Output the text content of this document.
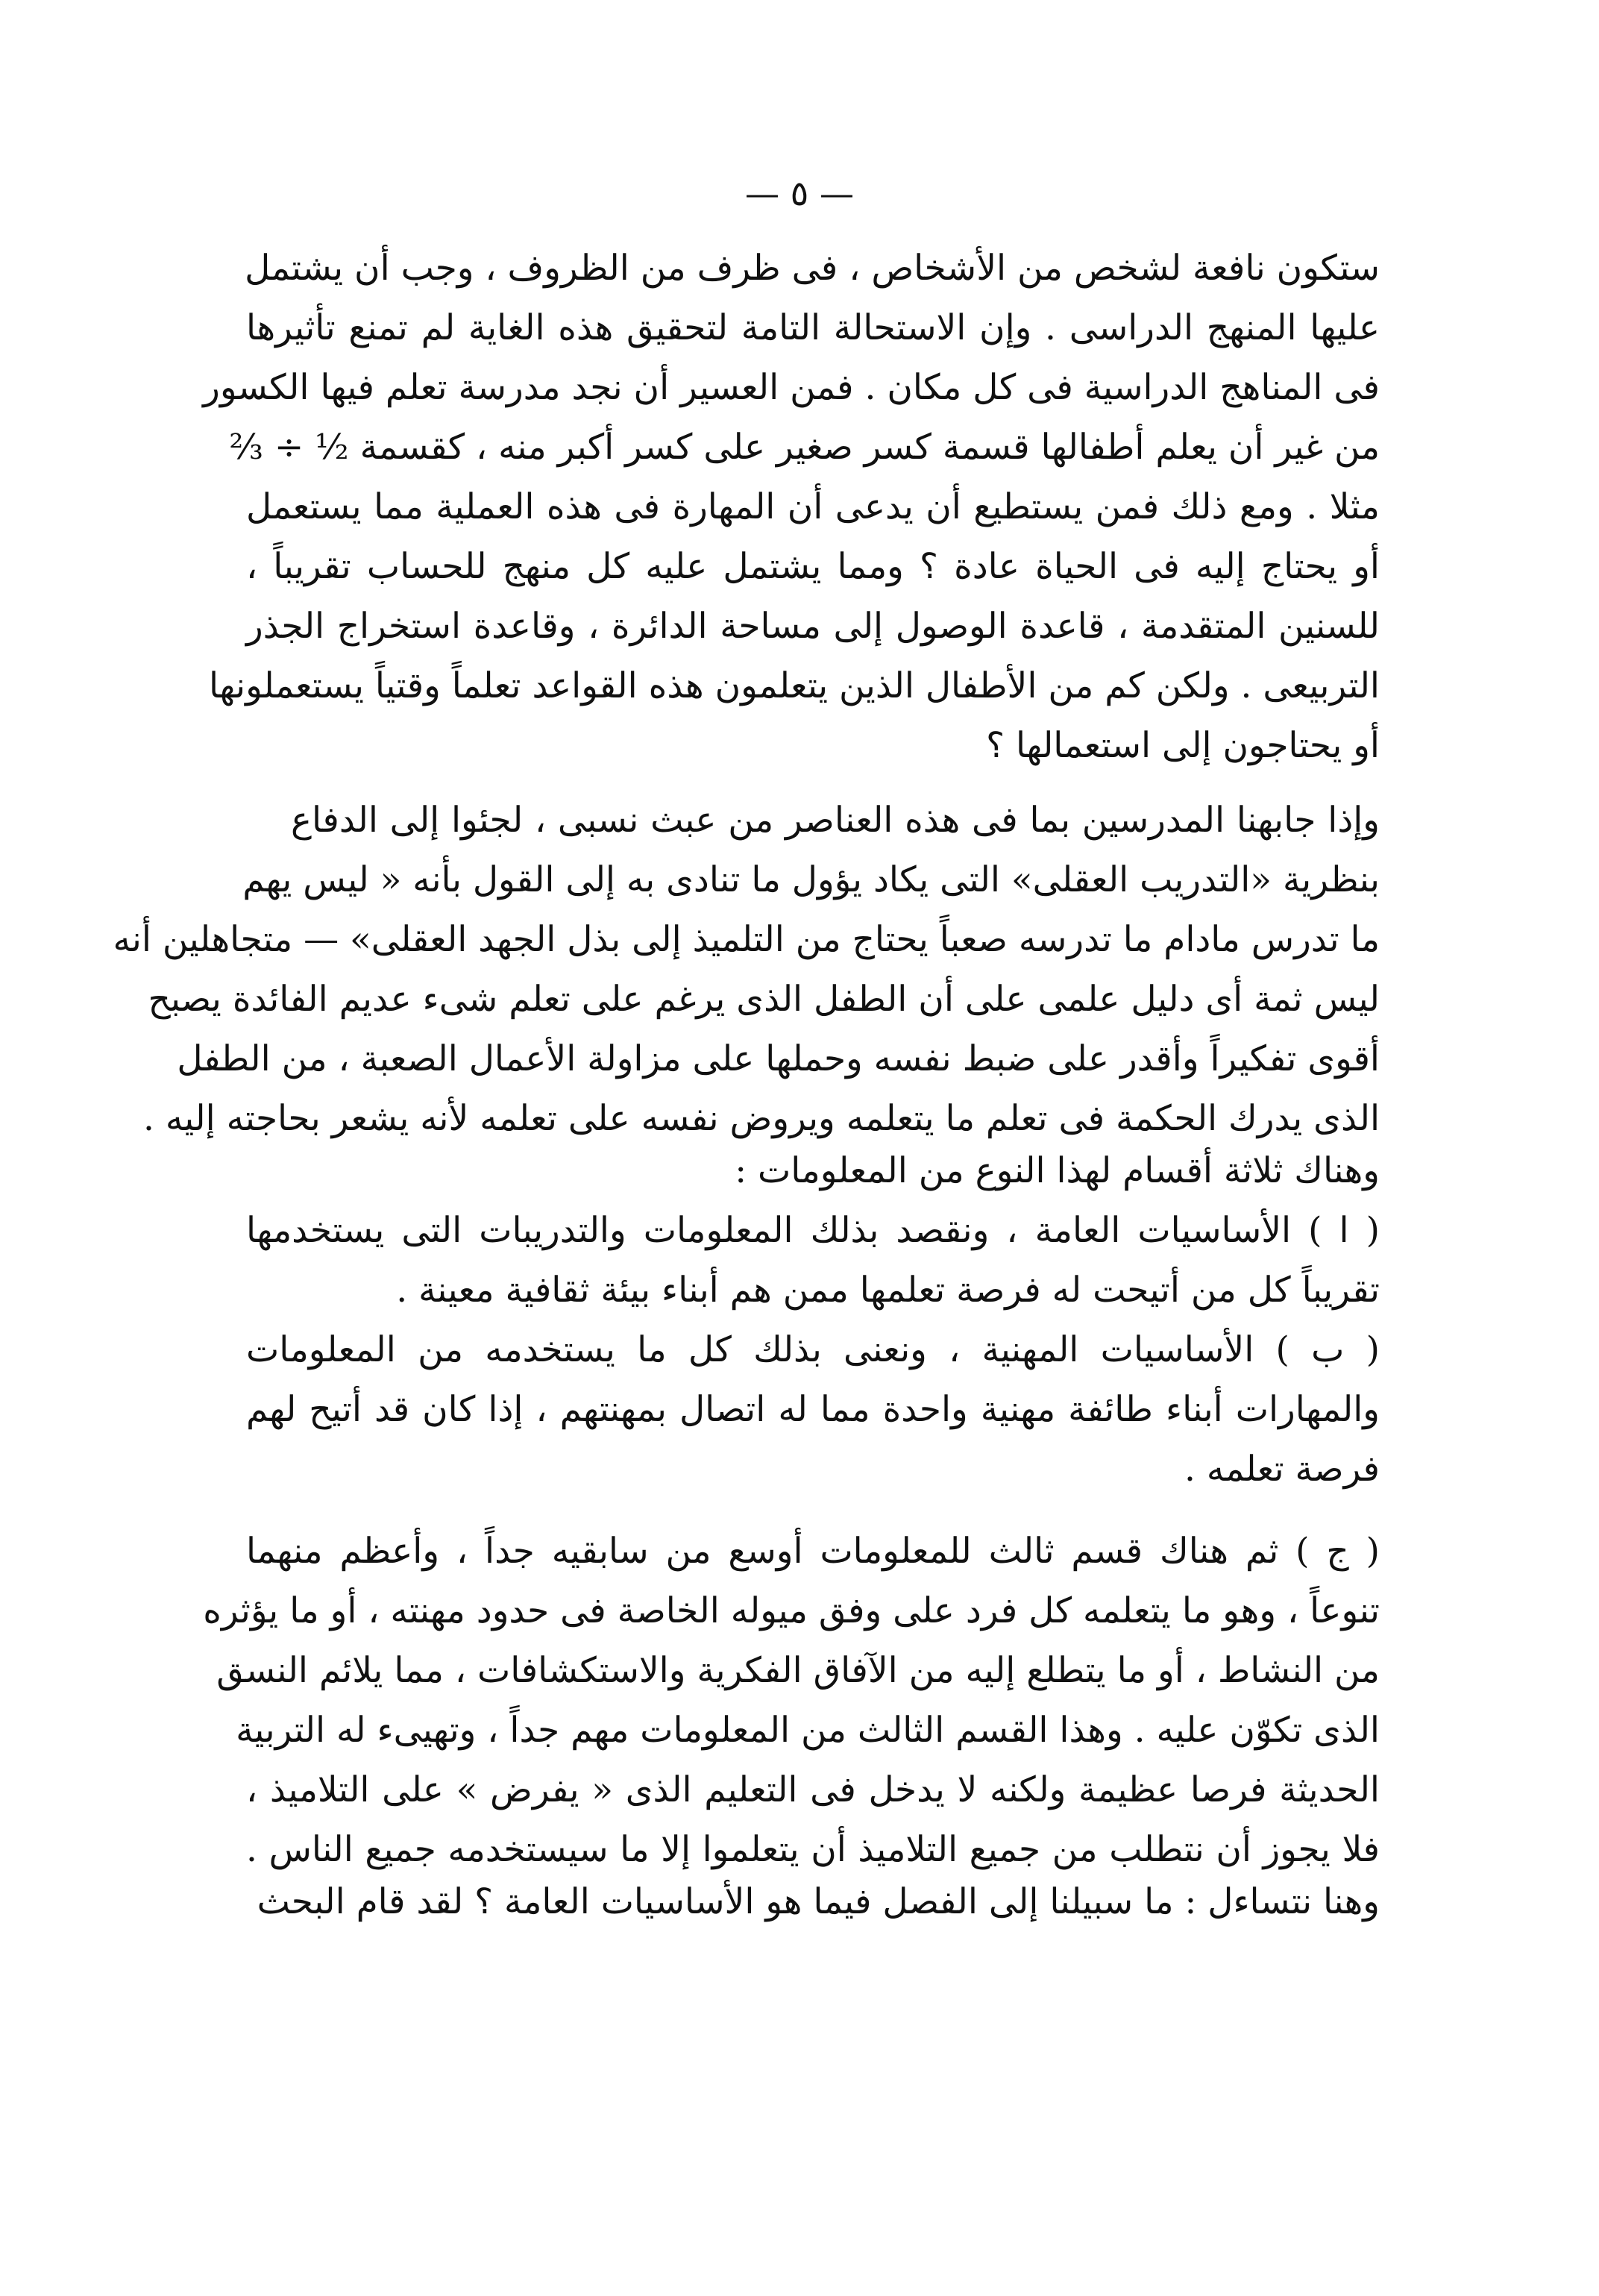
— ٥ —
ستكون نافعة لشخص من الأشخاص ، فى ظرف من الظروف ، وجب أن يشتمل
عليها المنهج الدراسى . وإن الاستحالة التامة لتحقيق هذه الغاية لم تمنع تأثيرها
فى المناهج الدراسية فى كل مكان . فمن العسير أن نجد مدرسة تعلم فيها الكسور
من غير أن يعلم أطفالها قسمة كسر صغير على كسر أكبر منه ، كقسمة ½ ÷ ⅔
مثلا . ومع ذلك فمن يستطيع أن يدعى أن المهارة فى هذه العملية مما يستعمل
أو يحتاج إليه فى الحياة عادة ؟ ومما يشتمل عليه كل منهج للحساب تقريباً ،
للسنين المتقدمة ، قاعدة الوصول إلى مساحة الدائرة ، وقاعدة استخراج الجذر
التربيعى . ولكن كم من الأطفال الذين يتعلمون هذه القواعد تعلماً وقتياً يستعملونها
أو يحتاجون إلى استعمالها ؟
وإذا جابهنا المدرسين بما فى هذه العناصر من عبث نسبى ، لجئوا إلى الدفاع
بنظرية «التدريب العقلى» التى يكاد يؤول ما تنادى به إلى القول بأنه « ليس يهم
ما تدرس مادام ما تدرسه صعباً يحتاج من التلميذ إلى بذل الجهد العقلى» — متجاهلين أنه
ليس ثمة أى دليل علمى على أن الطفل الذى يرغم على تعلم شىء عديم الفائدة يصبح
أقوى تفكيراً وأقدر على ضبط نفسه وحملها على مزاولة الأعمال الصعبة ، من الطفل
الذى يدرك الحكمة فى تعلم ما يتعلمه ويروض نفسه على تعلمه لأنه يشعر بحاجته إليه .
وهناك ثلاثة أقسام لهذا النوع من المعلومات :
( ا ) الأساسيات العامة ، ونقصد بذلك المعلومات والتدريبات التى يستخدمها
تقريباً كل من أتيحت له فرصة تعلمها ممن هم أبناء بيئة ثقافية معينة .
( ب ) الأساسيات المهنية ، ونعنى بذلك كل ما يستخدمه من المعلومات
والمهارات أبناء طائفة مهنية واحدة مما له اتصال بمهنتهم ، إذا كان قد أتيح لهم
فرصة تعلمه .
( ج ) ثم هناك قسم ثالث للمعلومات أوسع من سابقيه جداً ، وأعظم منهما
تنوعاً ، وهو ما يتعلمه كل فرد على وفق ميوله الخاصة فى حدود مهنته ، أو ما يؤثره
من النشاط ، أو ما يتطلع إليه من الآفاق الفكرية والاستكشافات ، مما يلائم النسق
الذى تكوّن عليه . وهذا القسم الثالث من المعلومات مهم جداً ، وتهيىء له التربية
الحديثة فرصا عظيمة ولكنه لا يدخل فى التعليم الذى « يفرض » على التلاميذ ،
فلا يجوز أن نتطلب من جميع التلاميذ أن يتعلموا إلا ما سيستخدمه جميع الناس .
وهنا نتساءل : ما سبيلنا إلى الفصل فيما هو الأساسيات العامة ؟ لقد قام البحث
